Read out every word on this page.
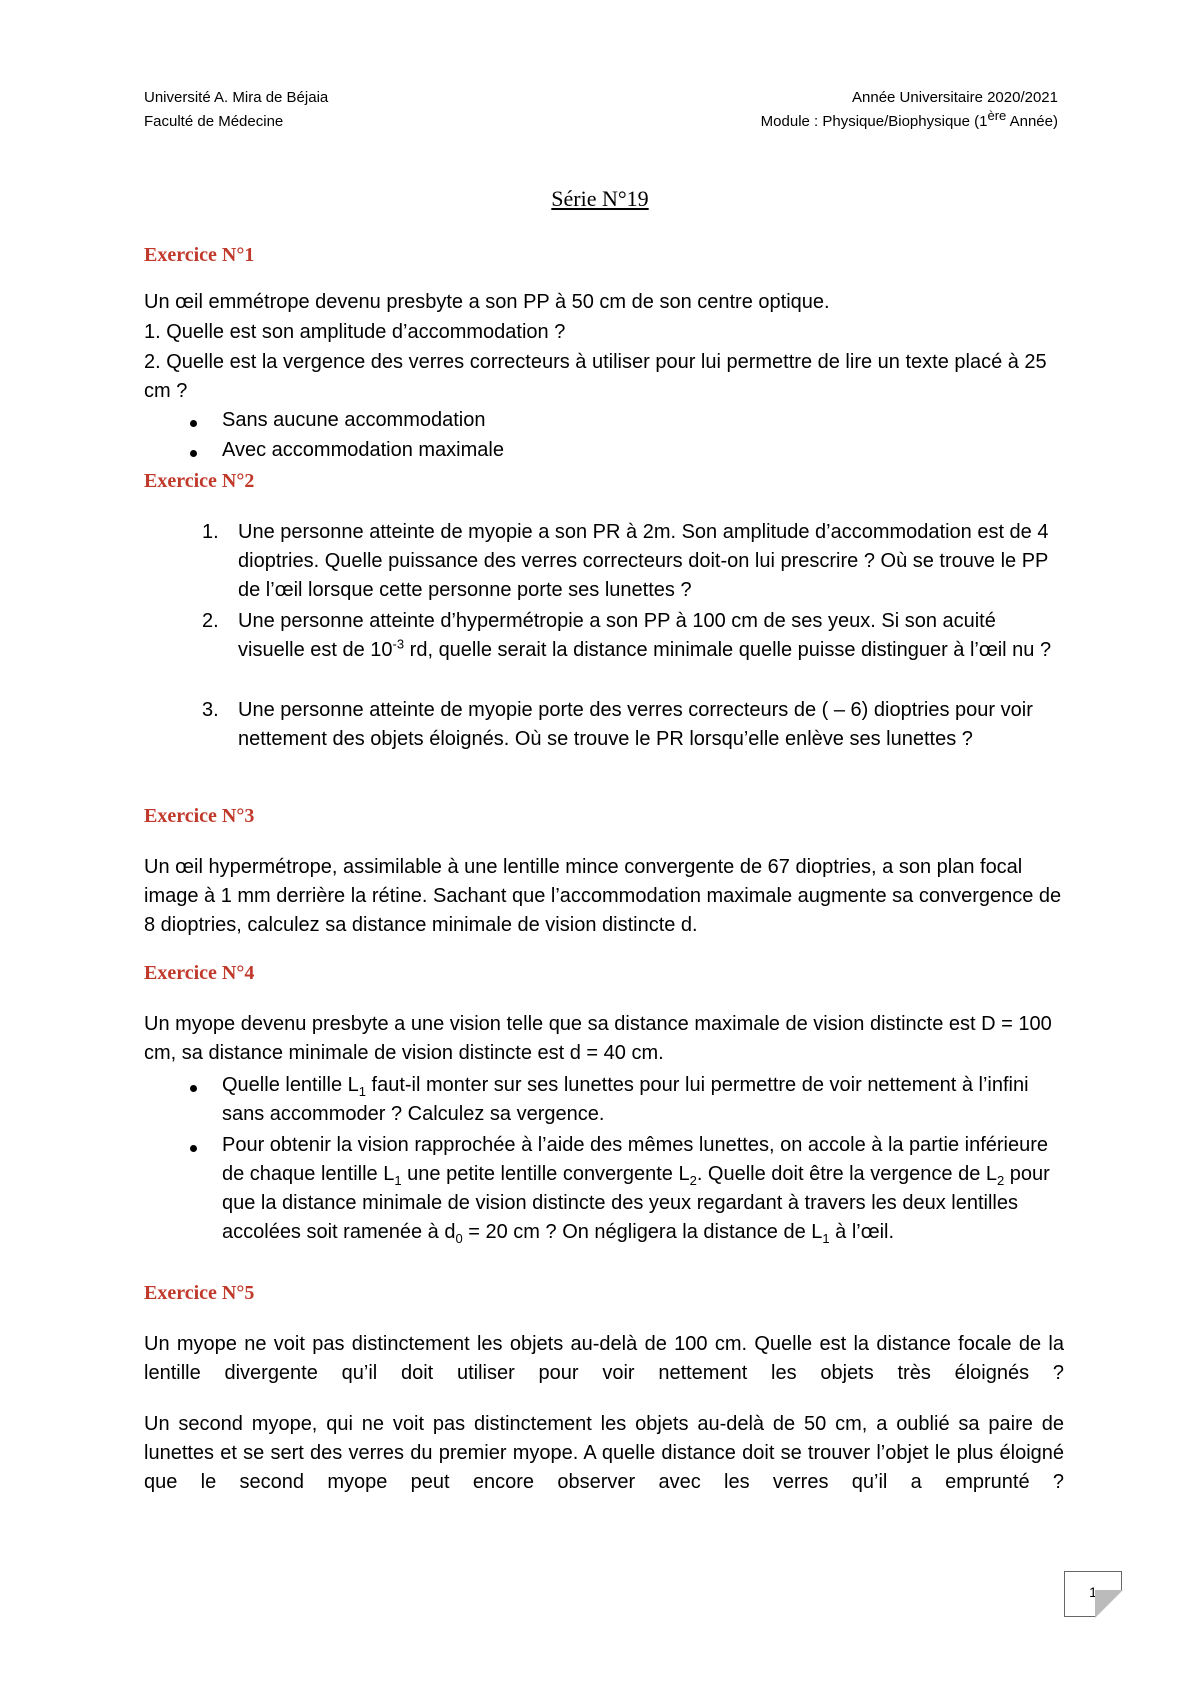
Université A. Mira de Béjaia
Faculté de Médecine
Année Universitaire 2020/2021
Module : Physique/Biophysique (1ère Année)
Série N°19
Exercice N°1
Un œil emmétrope devenu presbyte a son PP à 50 cm de son centre optique.
1. Quelle est son amplitude d’accommodation ?
2. Quelle est la vergence des verres correcteurs à utiliser pour lui permettre de lire un texte placé à 25 cm ?
Sans aucune accommodation
Avec accommodation maximale
Exercice N°2
1. Une personne atteinte de myopie a son PR à 2m. Son amplitude d’accommodation est de 4 dioptries. Quelle puissance des verres correcteurs doit-on lui prescrire ? Où se trouve le PP de l’œil lorsque cette personne porte ses lunettes ?
2. Une personne atteinte d’hypermétropie a son PP à 100 cm de ses yeux. Si son acuité visuelle est de $10^{-3}$ rd, quelle serait la distance minimale quelle puisse distinguer à l’œil nu ?
3. Une personne atteinte de myopie porte des verres correcteurs de ( – 6) dioptries pour voir nettement des objets éloignés. Où se trouve le PR lorsqu’elle enlève ses lunettes ?
Exercice N°3
Un œil hypermétrope, assimilable à une lentille mince convergente de 67 dioptries, a son plan focal image à 1 mm derrière la rétine. Sachant que l’accommodation maximale augmente sa convergence de 8 dioptries, calculez sa distance minimale de vision distincte d.
Exercice N°4
Un myope devenu presbyte a une vision telle que sa distance maximale de vision distincte est D = 100 cm, sa distance minimale de vision distincte est d = 40 cm.
Quelle lentille $L_1$ faut-il monter sur ses lunettes pour lui permettre de voir nettement à l’infini sans accommoder ? Calculez sa vergence.
Pour obtenir la vision rapprochée à l’aide des mêmes lunettes, on accole à la partie inférieure de chaque lentille $L_1$ une petite lentille convergente $L_2$. Quelle doit être la vergence de $L_2$ pour que la distance minimale de vision distincte des yeux regardant à travers les deux lentilles accolées soit ramenée à $d_0 = 20$ cm ? On négligera la distance de $L_1$ à l’œil.
Exercice N°5
Un myope ne voit pas distinctement les objets au-delà de 100 cm. Quelle est la distance focale de la lentille divergente qu’il doit utiliser pour voir nettement les objets très éloignés ?
Un second myope, qui ne voit pas distinctement les objets au-delà de 50 cm, a oublié sa paire de lunettes et se sert des verres du premier myope. A quelle distance doit se trouver l’objet le plus éloigné que le second myope peut encore observer avec les verres qu’il a emprunté ?
1
